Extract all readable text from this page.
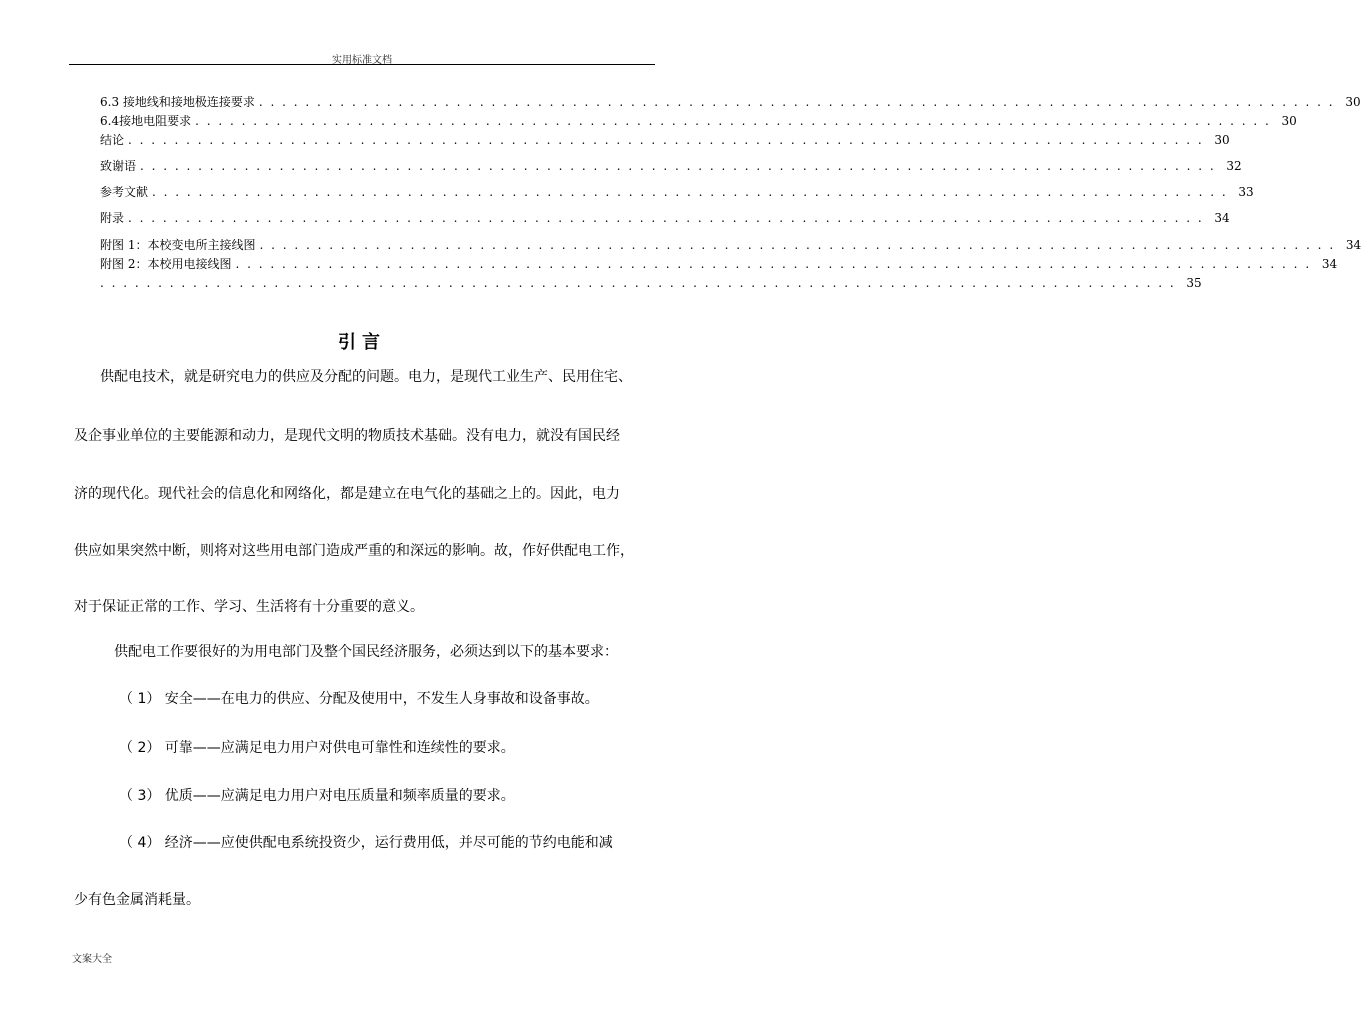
实用标准文档
6.3 接地线和接地极连接要求 . . . . . . . . . . . . . . . . . . . . . . . . . . . . . . . . . . . . . . . . . . . . . . . . . . . . . . . . . . . . . . . . . . . . . . . . . . . . . . . . . . . . . . . . . . . . . 30
6.4接地电阻要求 . . . . . . . . . . . . . . . . . . . . . . . . . . . . . . . . . . . . . . . . . . . . . . . . . . . . . . . . . . . . . . . . . . . . . . . . . . . . . . . . . . . . . . . . . . . . . 30
结论 . . . . . . . . . . . . . . . . . . . . . . . . . . . . . . . . . . . . . . . . . . . . . . . . . . . . . . . . . . . . . . . . . . . . . . . . . . . . . . . . . . . . . . . . . . . . . 30
致谢语 . . . . . . . . . . . . . . . . . . . . . . . . . . . . . . . . . . . . . . . . . . . . . . . . . . . . . . . . . . . . . . . . . . . . . . . . . . . . . . . . . . . . . . . . . . . . . 32
参考文献 . . . . . . . . . . . . . . . . . . . . . . . . . . . . . . . . . . . . . . . . . . . . . . . . . . . . . . . . . . . . . . . . . . . . . . . . . . . . . . . . . . . . . . . . . . . . . 33
附录 . . . . . . . . . . . . . . . . . . . . . . . . . . . . . . . . . . . . . . . . . . . . . . . . . . . . . . . . . . . . . . . . . . . . . . . . . . . . . . . . . . . . . . . . . . . . . 34
附图 1：本校变电所主接线图 . . . . . . . . . . . . . . . . . . . . . . . . . . . . . . . . . . . . . . . . . . . . . . . . . . . . . . . . . . . . . . . . . . . . . . . . . . . . . . . . . . . . . . . . . . . . . 34
附图 2：本校用电接线图 . . . . . . . . . . . . . . . . . . . . . . . . . . . . . . . . . . . . . . . . . . . . . . . . . . . . . . . . . . . . . . . . . . . . . . . . . . . . . . . . . . . . . . . . . . . . . 34
. . . . . . . . . . . . . . . . . . . . . . . . . . . . . . . . . . . . . . . . . . . . . . . . . . . . . . . . . . . . . . . . . . . . . . . . . . . . . . . . . . . . . . . . . . . . . 35
引言
供配电技术，就是研究电力的供应及分配的问题。电力，是现代工业生产、民用住宅、
及企事业单位的主要能源和动力，是现代文明的物质技术基础。没有电力，就没有国民经
济的现代化。现代社会的信息化和网络化，都是建立在电气化的基础之上的。因此，电力
供应如果突然中断，则将对这些用电部门造成严重的和深远的影响。故，作好供配电工作，
对于保证正常的工作、学习、生活将有十分重要的意义。
供配电工作要很好的为用电部门及整个国民经济服务，必须达到以下的基本要求：
（ 1） 安全——在电力的供应、分配及使用中，不发生人身事故和设备事故。
（ 2） 可靠——应满足电力用户对供电可靠性和连续性的要求。
（ 3） 优质——应满足电力用户对电压质量和频率质量的要求。
（ 4） 经济——应使供配电系统投资少，运行费用低，并尽可能的节约电能和减
少有色金属消耗量。
文案大全
